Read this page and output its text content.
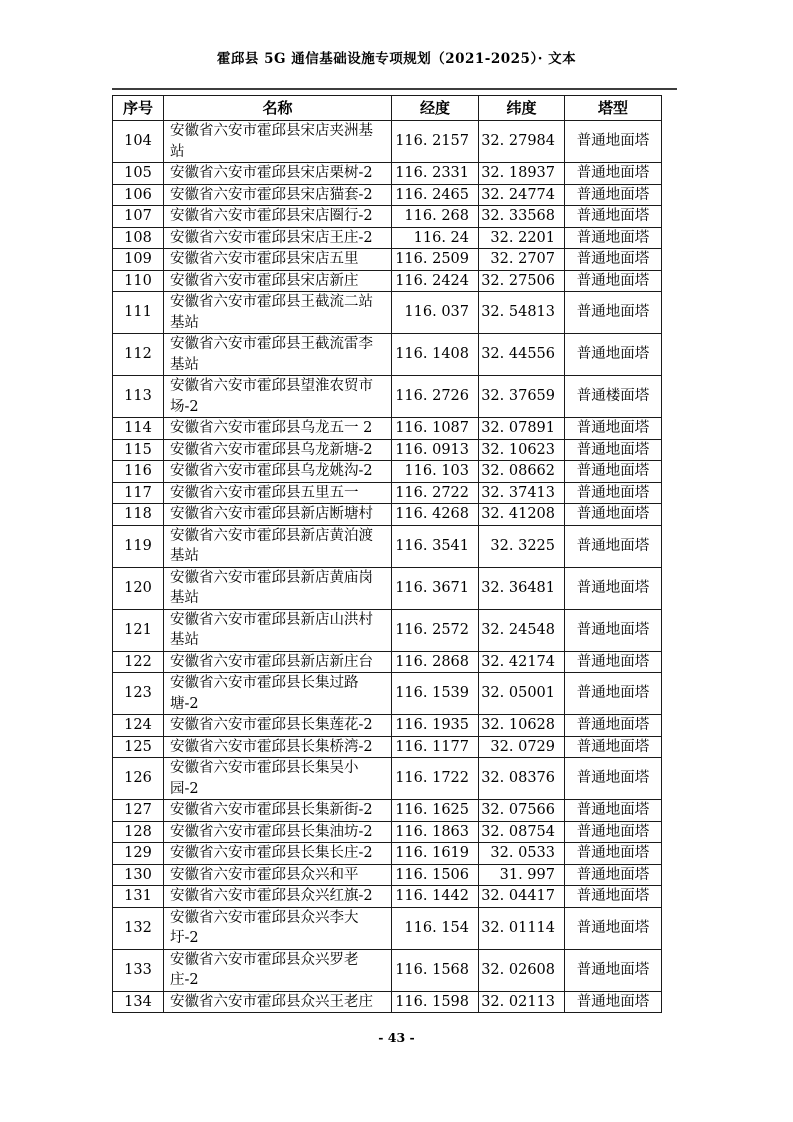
霍邱县 5G 通信基础设施专项规划（2021-2025）· 文本
序号	名称	经度	纬度	塔型
104	安徽省六安市霍邱县宋店夹洲基站	116. 2157	32. 27984	普通地面塔
105	安徽省六安市霍邱县宋店栗树-2	116. 2331	32. 18937	普通地面塔
106	安徽省六安市霍邱县宋店猫套-2	116. 2465	32. 24774	普通地面塔
107	安徽省六安市霍邱县宋店圈行-2	116. 268	32. 33568	普通地面塔
108	安徽省六安市霍邱县宋店王庄-2	116. 24	32. 2201	普通地面塔
109	安徽省六安市霍邱县宋店五里	116. 2509	32. 2707	普通地面塔
110	安徽省六安市霍邱县宋店新庄	116. 2424	32. 27506	普通地面塔
111	安徽省六安市霍邱县王截流二站基站	116. 037	32. 54813	普通地面塔
112	安徽省六安市霍邱县王截流雷李基站	116. 1408	32. 44556	普通地面塔
113	安徽省六安市霍邱县望淮农贸市场-2	116. 2726	32. 37659	普通楼面塔
114	安徽省六安市霍邱县乌龙五一 2	116. 1087	32. 07891	普通地面塔
115	安徽省六安市霍邱县乌龙新塘-2	116. 0913	32. 10623	普通地面塔
116	安徽省六安市霍邱县乌龙姚沟-2	116. 103	32. 08662	普通地面塔
117	安徽省六安市霍邱县五里五一	116. 2722	32. 37413	普通地面塔
118	安徽省六安市霍邱县新店断塘村	116. 4268	32. 41208	普通地面塔
119	安徽省六安市霍邱县新店黄泊渡基站	116. 3541	32. 3225	普通地面塔
120	安徽省六安市霍邱县新店黄庙岗基站	116. 3671	32. 36481	普通地面塔
121	安徽省六安市霍邱县新店山洪村基站	116. 2572	32. 24548	普通地面塔
122	安徽省六安市霍邱县新店新庄台	116. 2868	32. 42174	普通地面塔
123	安徽省六安市霍邱县长集过路塘-2	116. 1539	32. 05001	普通地面塔
124	安徽省六安市霍邱县长集莲花-2	116. 1935	32. 10628	普通地面塔
125	安徽省六安市霍邱县长集桥湾-2	116. 1177	32. 0729	普通地面塔
126	安徽省六安市霍邱县长集吴小园-2	116. 1722	32. 08376	普通地面塔
127	安徽省六安市霍邱县长集新街-2	116. 1625	32. 07566	普通地面塔
128	安徽省六安市霍邱县长集油坊-2	116. 1863	32. 08754	普通地面塔
129	安徽省六安市霍邱县长集长庄-2	116. 1619	32. 0533	普通地面塔
130	安徽省六安市霍邱县众兴和平	116. 1506	31. 997	普通地面塔
131	安徽省六安市霍邱县众兴红旗-2	116. 1442	32. 04417	普通地面塔
132	安徽省六安市霍邱县众兴李大圩-2	116. 154	32. 01114	普通地面塔
133	安徽省六安市霍邱县众兴罗老庄-2	116. 1568	32. 02608	普通地面塔
134	安徽省六安市霍邱县众兴王老庄	116. 1598	32. 02113	普通地面塔
- 43 -
